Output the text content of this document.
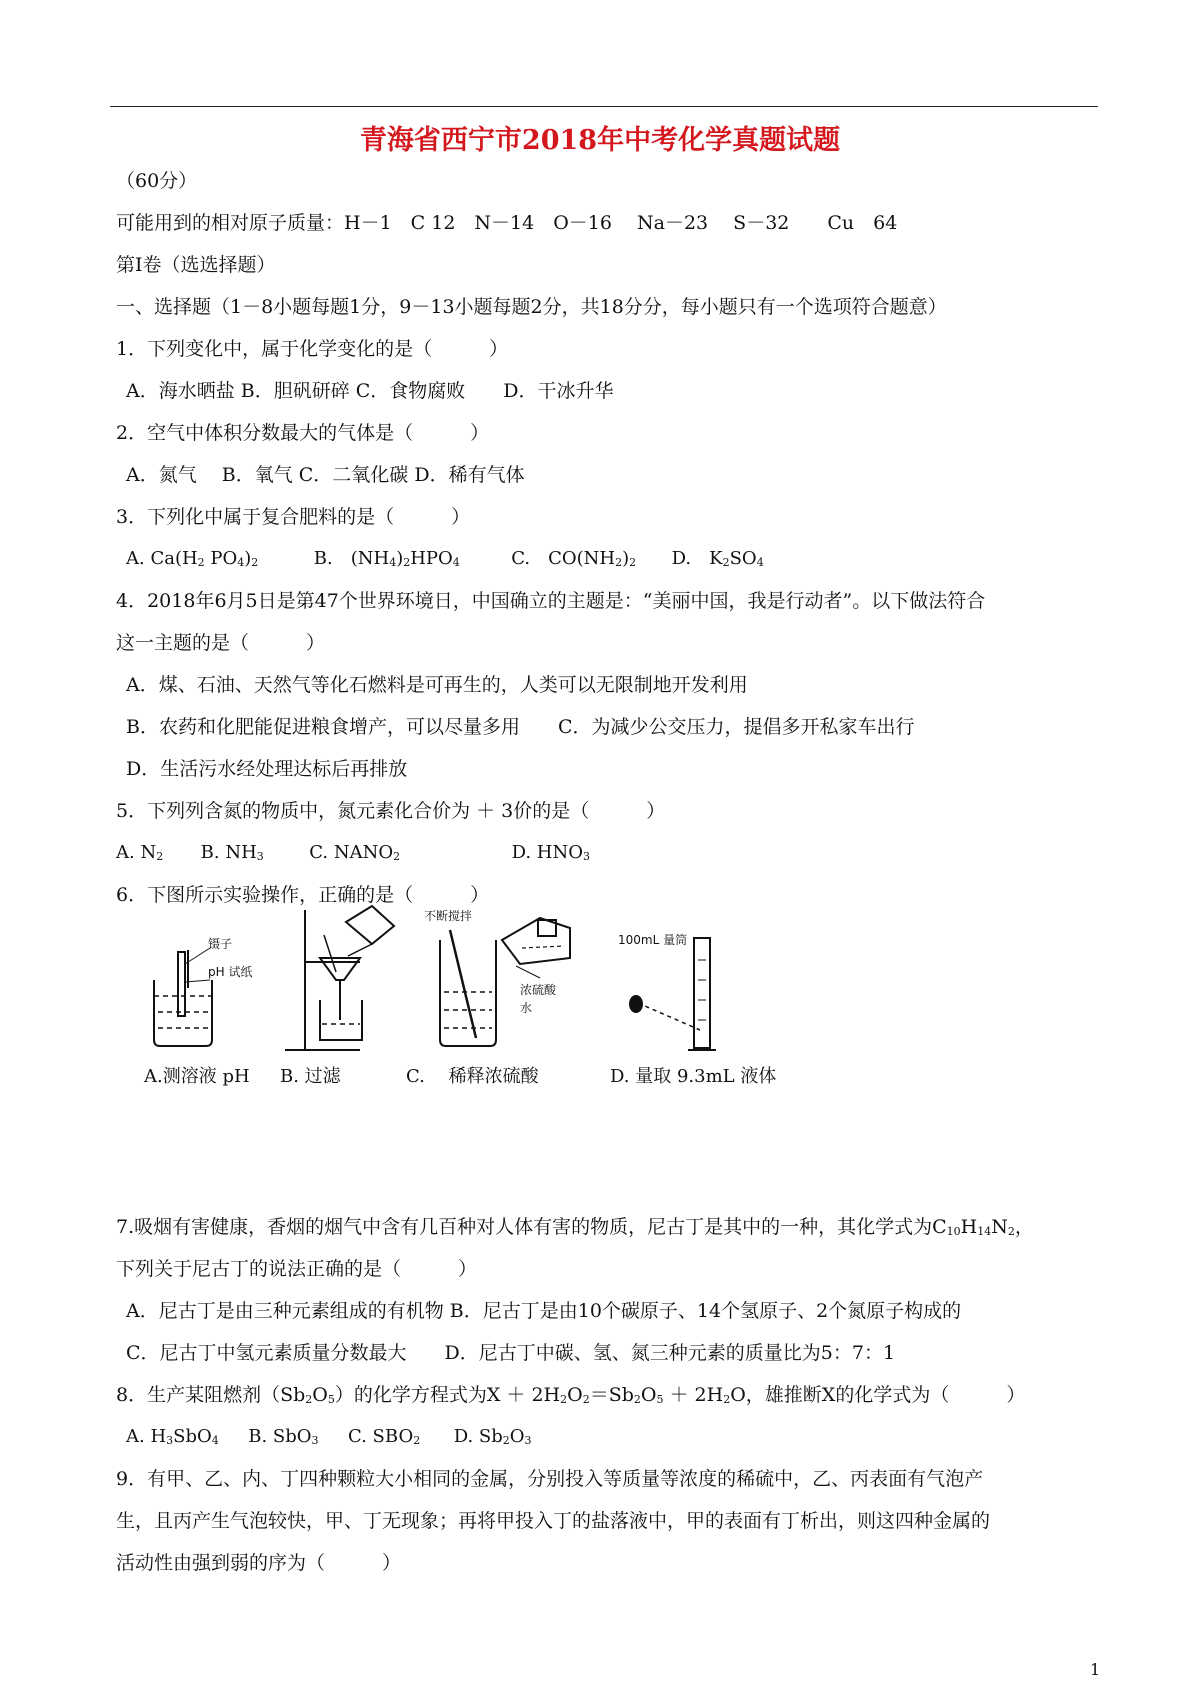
青海省西宁市2018年中考化学真题试题
（60分）
可能用到的相对原子质量：H－1　C 12　N－14　O－16　 Na－23　 S－32　　Cu　64
第Ⅰ卷（选选择题）
一、选择题（1－8小题每题1分，9－13小题每题2分，共18分分，每小题只有一个选项符合题意）
1．下列变化中，属于化学变化的是（　　　）
A．海水晒盐 B．胆矾研碎 C．食物腐败　　D．干冰升华
2．空气中体积分数最大的气体是（　　　）
A．氮气　 B．氧气 C．二氧化碳 D．稀有气体
3．下列化中属于复合肥料的是（　　　）
A. $Ca(H_2$ $PO_4)_2$	B.　$(NH_4)_2HPO_4$	C.　$CO(NH_2)_2$ D.　$K_2SO_4$
4．2018年6月5日是第47个世界环境日，中国确立的主题是：“美丽中国，我是行动者”。以下做法符合
这一主题的是（　　　）
A．煤、石油、天然气等化石燃料是可再生的，人类可以无限制地开发利用
B．农药和化肥能促进粮食增产，可以尽量多用　　C．为减少公交压力，提倡多开私家车出行
D．生活污水经处理达标后再排放
5．下列列含氮的物质中，氮元素化合价为 ＋ 3价的是（　　　）
A. $N_2$ B. $NH_3$	C. $NANO_2$	D. $HNO_3$
6．下图所示实验操作，正确的是（　　　）
镊子
pH 试纸
不断搅拌
浓硫酸
水
100mL 量筒
A.测溶液 pH B. 过滤	C.　 稀释浓硫酸	D. 量取 9.3mL 液体
7.吸烟有害健康，香烟的烟气中含有几百种对人体有害的物质，尼古丁是其中的一种，其化学式为$C_{10}H_{14}N_2$，
下列关于尼古丁的说法正确的是（　　　）
A．尼古丁是由三种元素组成的有机物 B．尼古丁是由10个碳原子、14个氢原子、2个氮原子构成的
C．尼古丁中氢元素质量分数最大　　D．尼古丁中碳、氢、氮三种元素的质量比为5：7：1
8．生产某阻燃剂$(Sb_2O_5)$的化学方程式为$X + 2H_2O_2=Sb_2O_5 + 2H_2O$，雄推断X的化学式为（　　　）
A. $H_3SbO_4$ B. SbO$_3$ C. $SBO_2$ D. $Sb_2O_3$
9．有甲、乙、内、丁四种颗粒大小相同的金属，分别投入等质量等浓度的稀硫中，乙、丙表面有气泡产
生，且丙产生气泡较快，甲、丁无现象；再将甲投入丁的盐落液中，甲的表面有丁析出，则这四种金属的
活动性由强到弱的序为（　　　）
1
